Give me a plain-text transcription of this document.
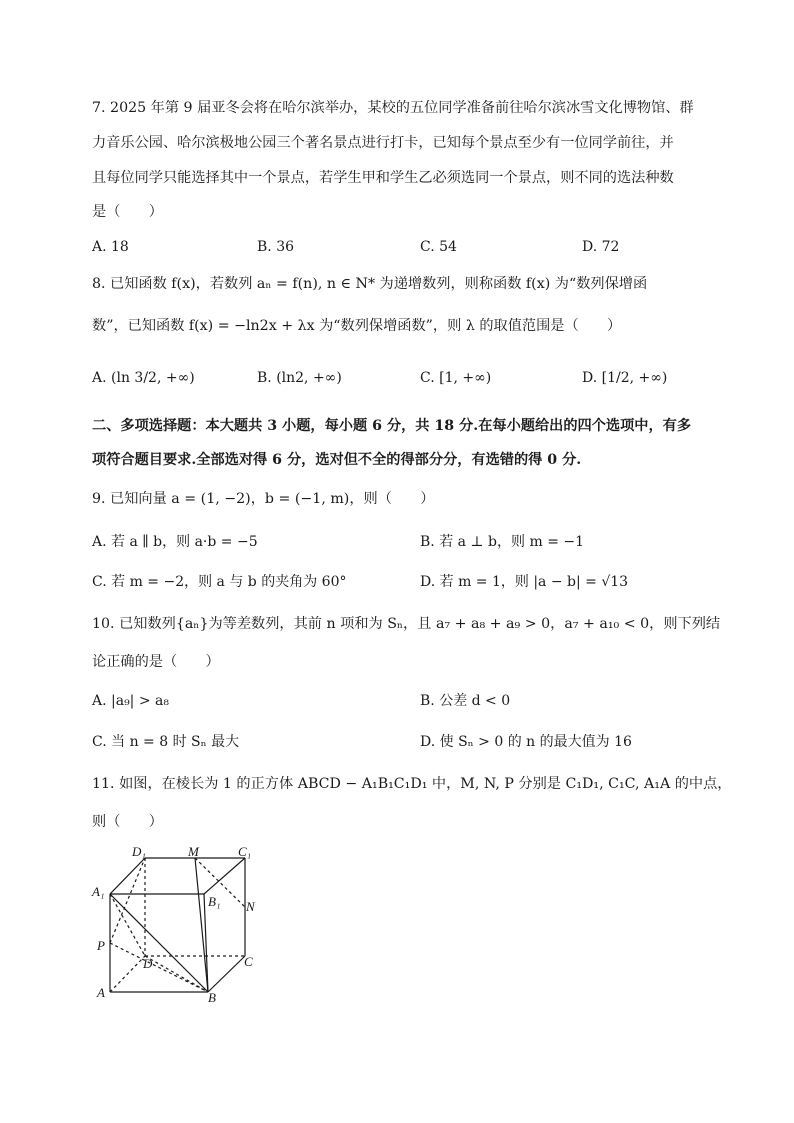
7. 2025 年第 9 届亚冬会将在哈尔滨举办，某校的五位同学准备前往哈尔滨冰雪文化博物馆、群
力音乐公园、哈尔滨极地公园三个著名景点进行打卡，已知每个景点至少有一位同学前往，并
且每位同学只能选择其中一个景点，若学生甲和学生乙必须选同一个景点，则不同的选法种数
是（　　）
A. 18	B. 36	C. 54	D. 72
8. 已知函数 f(x)，若数列 aₙ = f(n), n ∈ N* 为递增数列，则称函数 f(x) 为“数列保增函
数”，已知函数 f(x) = −ln2x + λx 为“数列保增函数”，则 λ 的取值范围是（　　）
A. (ln 3/2, +∞)	B. (ln2, +∞)	C. [1, +∞)	D. [1/2, +∞)
二、多项选择题：本大题共 3 小题，每小题 6 分，共 18 分.在每小题给出的四个选项中，有多
项符合题目要求.全部选对得 6 分，选对但不全的得部分分，有选错的得 0 分.
9. 已知向量 a = (1, −2)，b = (−1, m)，则（　　）
A. 若 a ∥ b，则 a·b = −5	B. 若 a ⊥ b，则 m = −1
C. 若 m = −2，则 a 与 b 的夹角为 60°	D. 若 m = 1，则 |a − b| = √13
10. 已知数列{aₙ}为等差数列，其前 n 项和为 Sₙ，且 a₇ + a₈ + a₉ > 0，a₇ + a₁₀ < 0，则下列结
论正确的是（　　）
A. |a₉| > a₈	B. 公差 d < 0
C. 当 n = 8 时 Sₙ 最大	D. 使 Sₙ > 0 的 n 的最大值为 16
11. 如图，在棱长为 1 的正方体 ABCD − A₁B₁C₁D₁ 中，M, N, P 分别是 C₁D₁, C₁C, A₁A 的中点，
则（　　）
D₁	M	C₁
A₁
B₁ N
P
D	C
A	B
